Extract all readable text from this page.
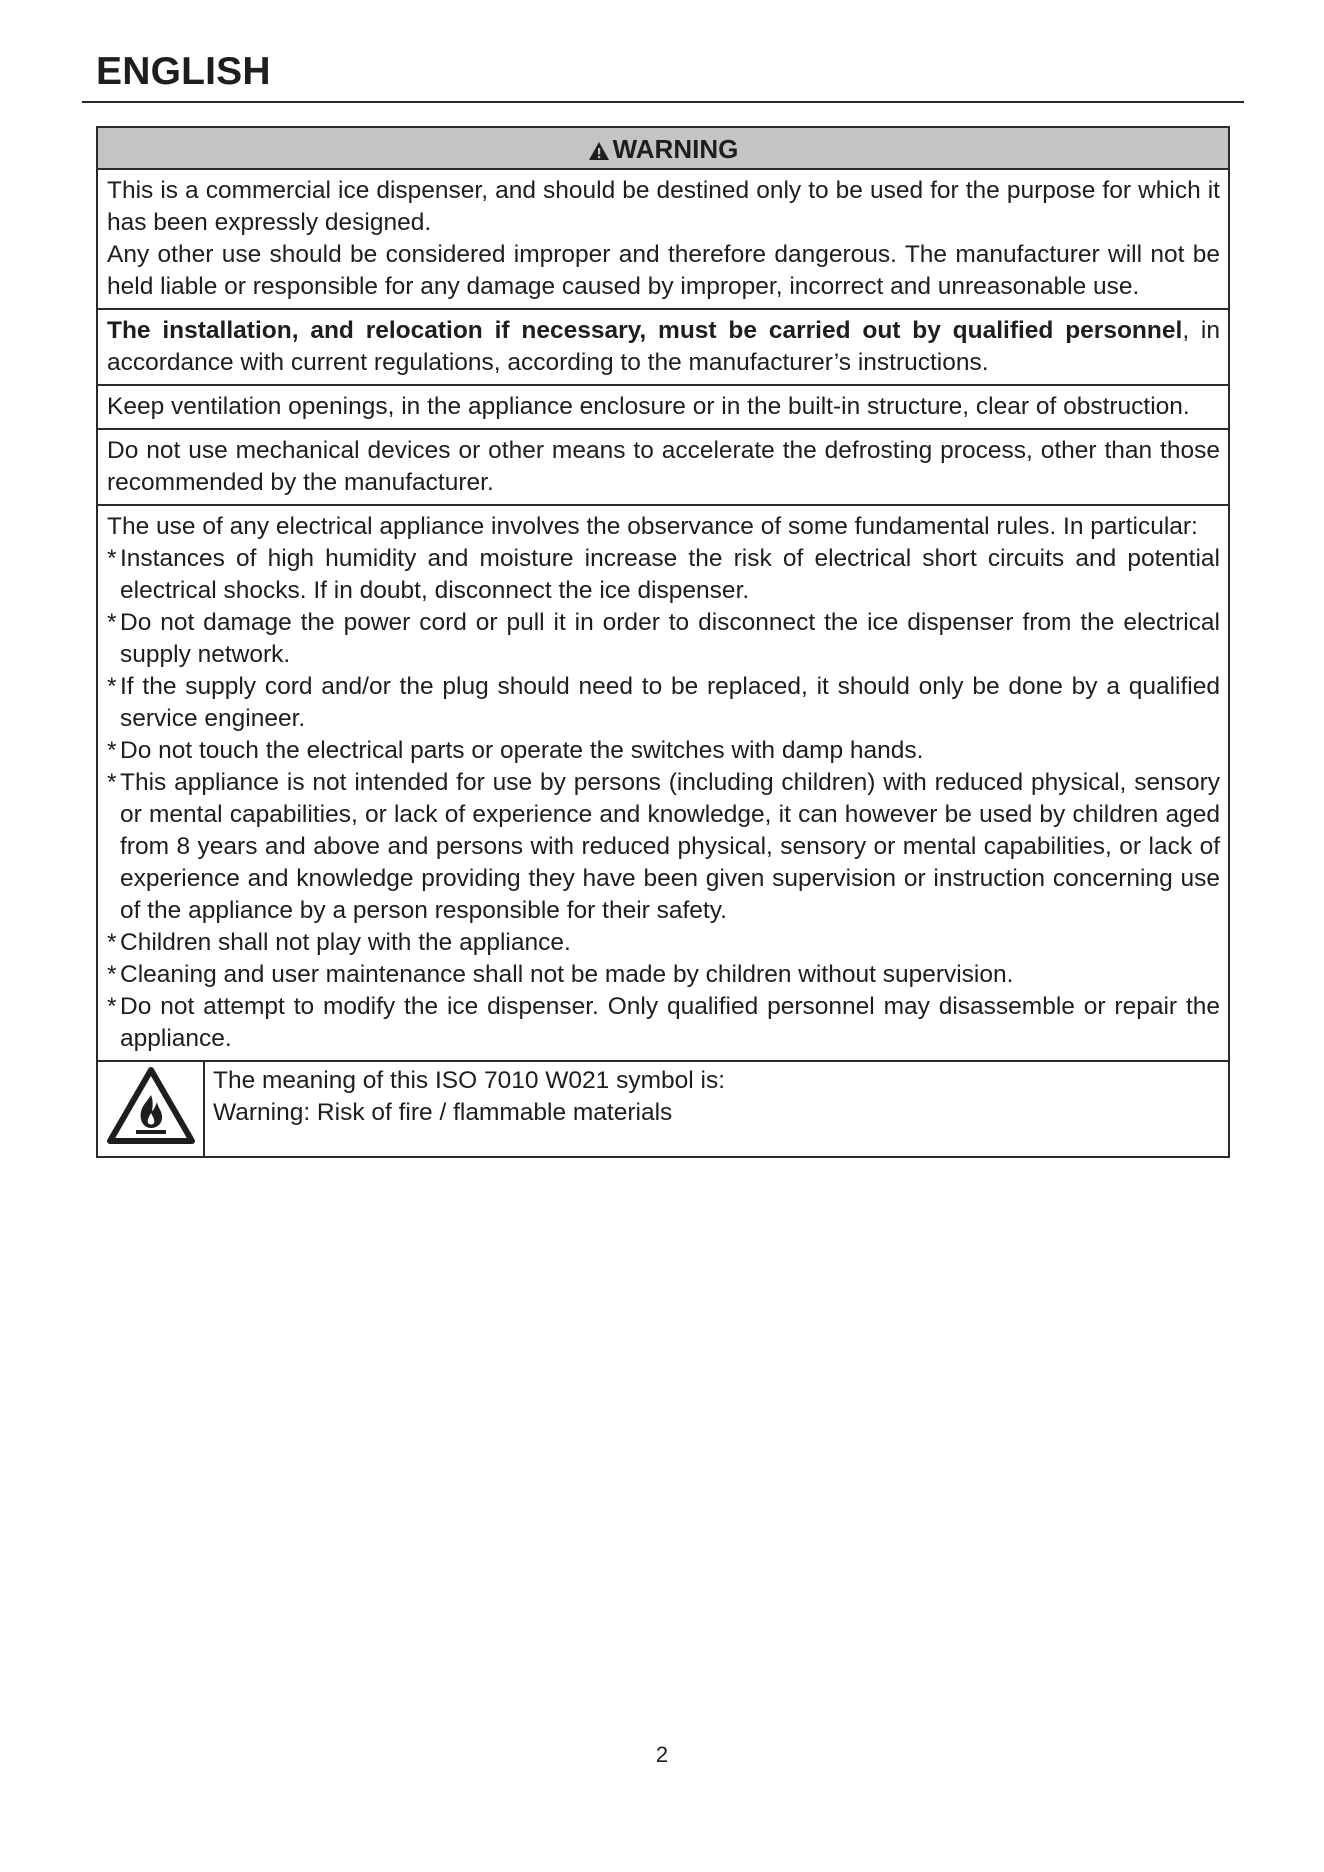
ENGLISH
WARNING

This is a commercial ice dispenser, and should be destined only to be used for the purpose for which it has been expressly designed.

Any other use should be considered improper and therefore dangerous. The manufacturer will not be held liable or responsible for any damage caused by improper, incorrect and unreasonable use.

The installation, and relocation if necessary, must be carried out by qualified personnel, in accordance with current regulations, according to the manufacturer’s instructions.

Keep ventilation openings, in the appliance enclosure or in the built-in structure, clear of obstruction.

Do not use mechanical devices or other means to accelerate the defrosting process, other than those recommended by the manufacturer.

The use of any electrical appliance involves the observance of some fundamental rules. In particular:

* Instances of high humidity and moisture increase the risk of electrical short circuits and potential electrical shocks. If in doubt, disconnect the ice dispenser.
* Do not damage the power cord or pull it in order to disconnect the ice dispenser from the electrical supply network.
* If the supply cord and/or the plug should need to be replaced, it should only be done by a qualified service engineer.
* Do not touch the electrical parts or operate the switches with damp hands.
* This appliance is not intended for use by persons (including children) with reduced physical, sensory or mental capabilities, or lack of experience and knowledge, it can however be used by children aged from 8 years and above and persons with reduced physical, sensory or mental capabilities, or lack of experience and knowledge providing they have been given supervision or instruction concerning use of the appliance by a person responsible for their safety.
* Children shall not play with the appliance.
* Cleaning and user maintenance shall not be made by children without supervision.
* Do not attempt to modify the ice dispenser. Only qualified personnel may disassemble or repair the appliance.
The meaning of this ISO 7010 W021 symbol is:
Warning: Risk of fire / flammable materials
2
